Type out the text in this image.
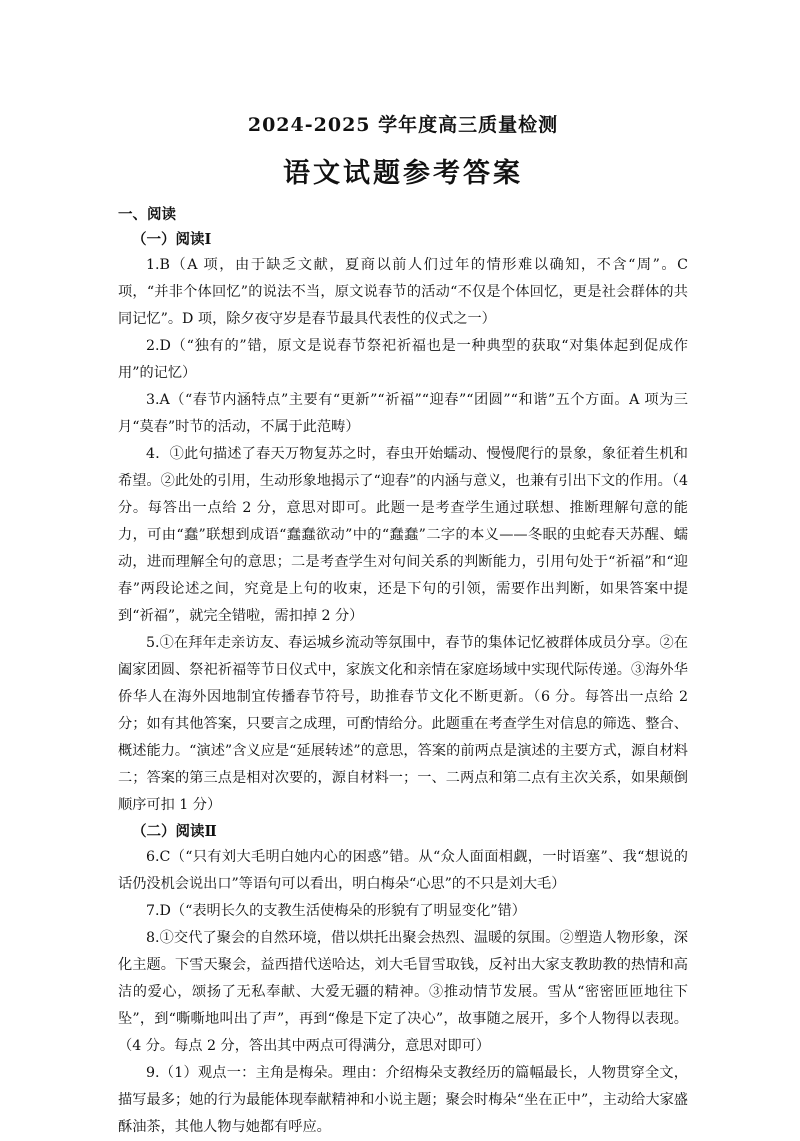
2024-2025 学年度高三质量检测
语文试题参考答案
一、阅读
（一）阅读Ⅰ

1.B（A 项，由于缺乏文献，夏商以前人们过年的情形难以确知，不含“周”。C 项，“并非个体回忆”的说法不当，原文说春节的活动“不仅是个体回忆，更是社会群体的共同记忆”。D 项，除夕夜守岁是春节最具代表性的仪式之一）

2.D（“独有的”错，原文是说春节祭祀祈福也是一种典型的获取“对集体起到促成作用”的记忆）

3.A（“春节内涵特点”主要有“更新”“祈福”“迎春”“团圆”“和谐”五个方面。A 项为三月“莫春”时节的活动，不属于此范畴）

4．①此句描述了春天万物复苏之时，春虫开始蠕动、慢慢爬行的景象，象征着生机和希望。②此处的引用，生动形象地揭示了“迎春”的内涵与意义，也兼有引出下文的作用。（4 分。每答出一点给 2 分，意思对即可。此题一是考查学生通过联想、推断理解句意的能力，可由“蠢”联想到成语“蠢蠢欲动”中的“蠢蠢”二字的本义——冬眠的虫蛇春天苏醒、蠕动，进而理解全句的意思；二是考查学生对句间关系的判断能力，引用句处于“祈福”和“迎春”两段论述之间，究竟是上句的收束，还是下句的引领，需要作出判断，如果答案中提到“祈福”，就完全错啦，需扣掉 2 分）

5.①在拜年走亲访友、春运城乡流动等氛围中，春节的集体记忆被群体成员分享。②在阖家团圆、祭祀祈福等节日仪式中，家族文化和亲情在家庭场域中实现代际传递。③海外华侨华人在海外因地制宜传播春节符号，助推春节文化不断更新。（6 分。每答出一点给 2 分；如有其他答案，只要言之成理，可酌情给分。此题重在考查学生对信息的筛选、整合、概述能力。“演述”含义应是“延展转述”的意思，答案的前两点是演述的主要方式，源自材料二；答案的第三点是相对次要的，源自材料一；一、二两点和第二点有主次关系，如果颠倒顺序可扣 1 分）

（二）阅读Ⅱ

6.C（“只有刘大毛明白她内心的困惑”错。从“众人面面相觑，一时语塞”、我“想说的话仍没机会说出口”等语句可以看出，明白梅朵“心思”的不只是刘大毛）

7.D（“表明长久的支教生活使梅朵的形貌有了明显变化”错）

8.①交代了聚会的自然环境，借以烘托出聚会热烈、温暖的氛围。②塑造人物形象，深化主题。下雪天聚会，益西措代送哈达，刘大毛冒雪取钱，反衬出大家支教助教的热情和高洁的爱心，颂扬了无私奉献、大爱无疆的精神。③推动情节发展。雪从“密密匝匝地往下坠”，到“嘶嘶地叫出了声”，再到“像是下定了决心”，故事随之展开，多个人物得以表现。（4 分。每点 2 分，答出其中两点可得满分，意思对即可）

9.（1）观点一：主角是梅朵。理由：介绍梅朵支教经历的篇幅最长，人物贯穿全文，描写最多；她的行为最能体现奉献精神和小说主题；聚会时梅朵“坐在正中”，主动给大家盛酥油茶，其他人物与她都有呼应。
